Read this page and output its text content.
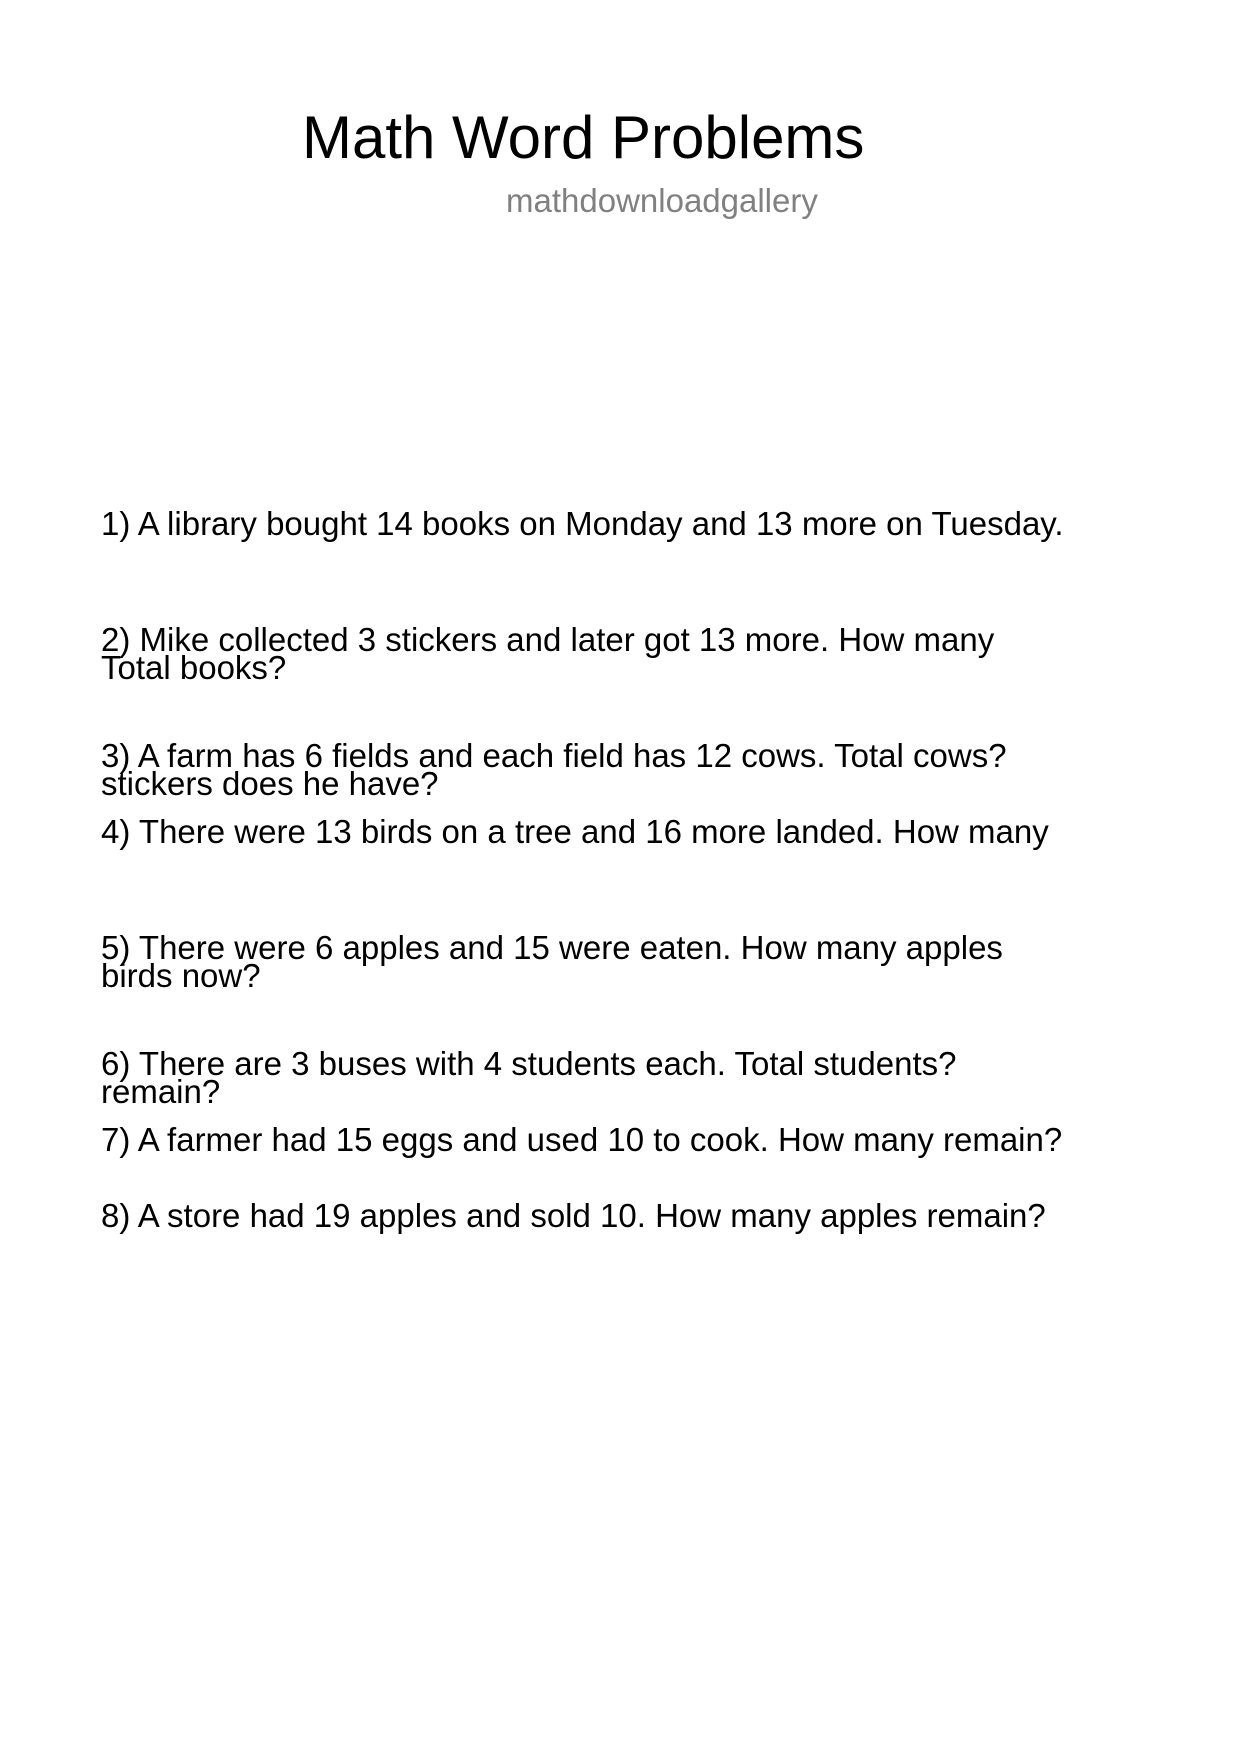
Math Word Problems
mathdownloadgallery

1) A library bought 14 books on Monday and 13 more on Tuesday.

Total books?

2) Mike collected 3 stickers and later got 13 more. How many

stickers does he have?

3) A farm has 6 fields and each field has 12 cows. Total cows?

4) There were 13 birds on a tree and 16 more landed. How many

birds now?

5) There were 6 apples and 15 were eaten. How many apples

remain?

6) There are 3 buses with 4 students each. Total students?

7) A farmer had 15 eggs and used 10 to cook. How many remain?

8) A store had 19 apples and sold 10. How many apples remain?
